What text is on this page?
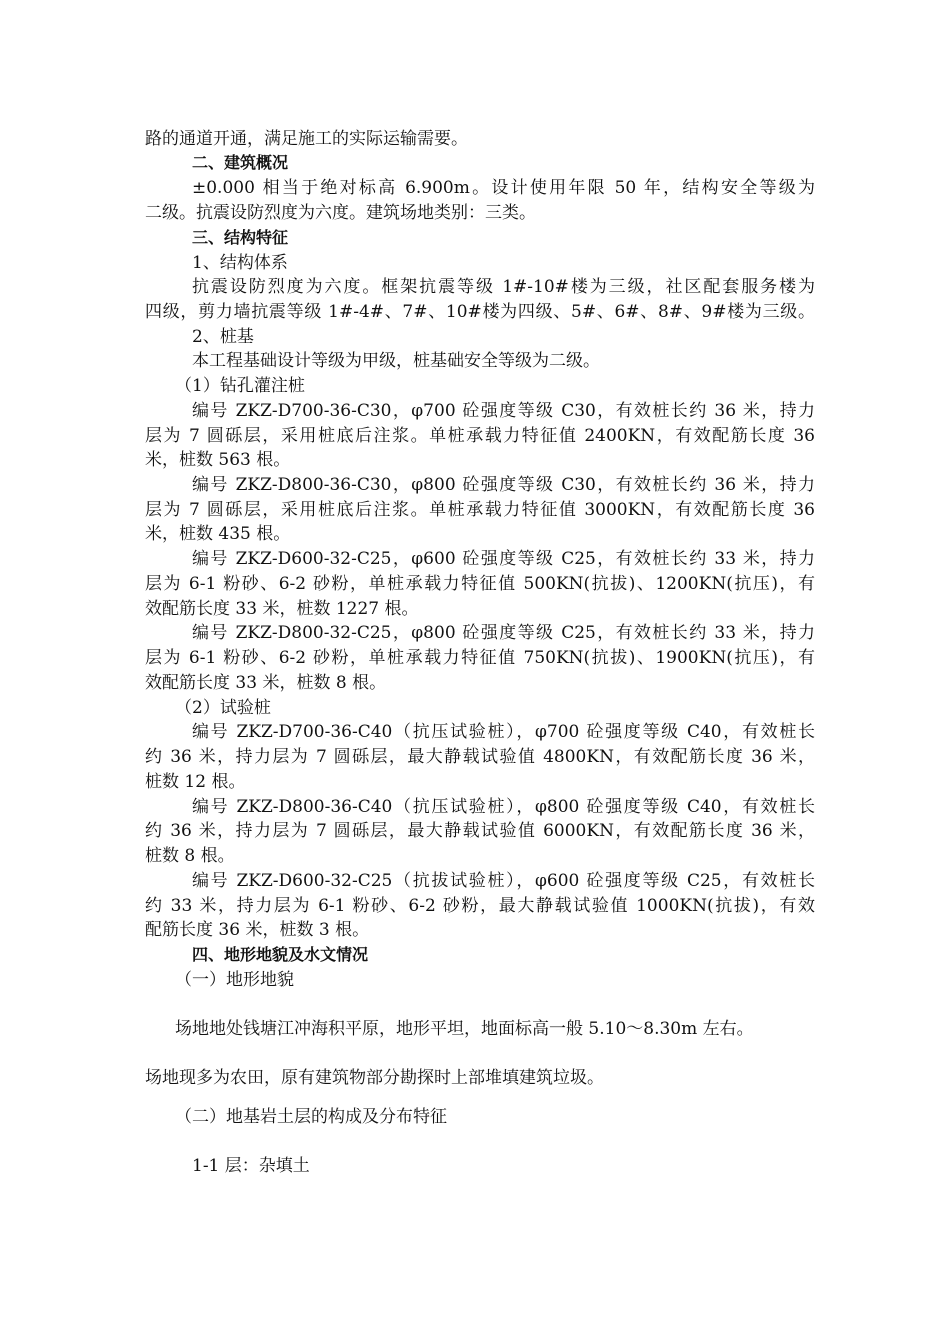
路的通道开通，满足施工的实际运输需要。
二、建筑概况
±0.000 相当于绝对标高 6.900m。设计使用年限 50 年，结构安全等级为
二级。抗震设防烈度为六度。建筑场地类别：三类。
三、结构特征
1、结构体系
抗震设防烈度为六度。框架抗震等级 1#-10#楼为三级，社区配套服务楼为
四级，剪力墙抗震等级 1#-4#、7#、10#楼为四级、5#、6#、8#、9#楼为三级。
2、桩基
本工程基础设计等级为甲级，桩基础安全等级为二级。
（1）钻孔灌注桩
编号 ZKZ-D700-36-C30，φ700 砼强度等级 C30，有效桩长约 36 米，持力
层为 7 圆砾层，采用桩底后注浆。单桩承载力特征值 2400KN，有效配筋长度 36
米，桩数 563 根。
编号 ZKZ-D800-36-C30，φ800 砼强度等级 C30，有效桩长约 36 米，持力
层为 7 圆砾层，采用桩底后注浆。单桩承载力特征值 3000KN，有效配筋长度 36
米，桩数 435 根。
编号 ZKZ-D600-32-C25，φ600 砼强度等级 C25，有效桩长约 33 米，持力
层为 6-1 粉砂、6-2 砂粉，单桩承载力特征值 500KN(抗拔)、1200KN(抗压)，有
效配筋长度 33 米，桩数 1227 根。
编号 ZKZ-D800-32-C25，φ800 砼强度等级 C25，有效桩长约 33 米，持力
层为 6-1 粉砂、6-2 砂粉，单桩承载力特征值 750KN(抗拔)、1900KN(抗压)，有
效配筋长度 33 米，桩数 8 根。
（2）试验桩
编号 ZKZ-D700-36-C40（抗压试验桩），φ700 砼强度等级 C40，有效桩长
约 36 米，持力层为 7 圆砾层，最大静载试验值 4800KN，有效配筋长度 36 米，
桩数 12 根。
编号 ZKZ-D800-36-C40（抗压试验桩），φ800 砼强度等级 C40，有效桩长
约 36 米，持力层为 7 圆砾层，最大静载试验值 6000KN，有效配筋长度 36 米，
桩数 8 根。
编号 ZKZ-D600-32-C25（抗拔试验桩），φ600 砼强度等级 C25，有效桩长
约 33 米，持力层为 6-1 粉砂、6-2 砂粉，最大静载试验值 1000KN(抗拔)，有效
配筋长度 36 米，桩数 3 根。
四、地形地貌及水文情况
（一）地形地貌
场地地处钱塘江冲海积平原，地形平坦，地面标高一般 5.10～8.30m 左右。
场地现多为农田，原有建筑物部分勘探时上部堆填建筑垃圾。
（二）地基岩土层的构成及分布特征
1-1 层：杂填土
